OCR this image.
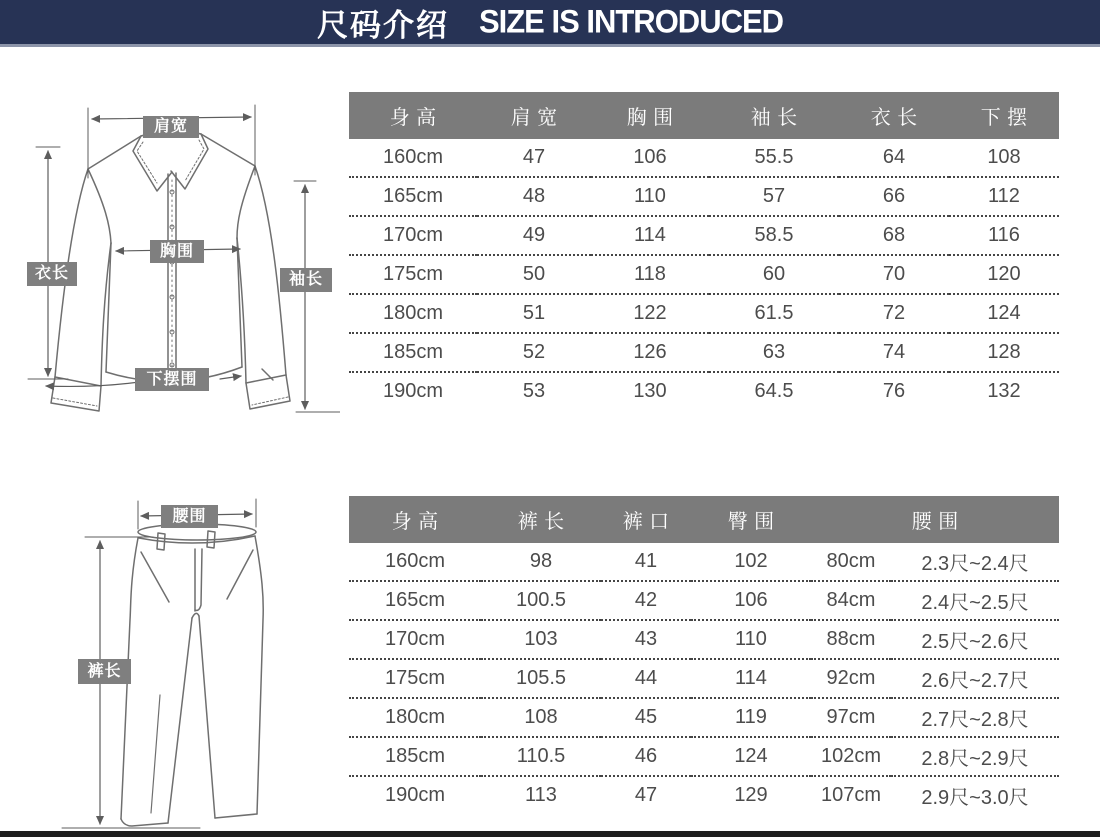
尺码介绍 SIZE IS INTRODUCED
肩宽
衣长
胸围
袖长
下摆围
身高	肩宽	胸围	袖长	衣长	下摆
160cm	47	106	55.5	64	108
165cm	48	110	57	66	112
170cm	49	114	58.5	68	116
175cm	50	118	60	70	120
180cm	51	122	61.5	72	124
185cm	52	126	63	74	128
190cm	53	130	64.5	76	132
腰围
裤长
身高	裤长	裤口	臀围	腰围	
160cm	98	41	102	80cm	2.3尺~2.4尺
165cm	100.5	42	106	84cm	2.4尺~2.5尺
170cm	103	43	110	88cm	2.5尺~2.6尺
175cm	105.5	44	114	92cm	2.6尺~2.7尺
180cm	108	45	119	97cm	2.7尺~2.8尺
185cm	110.5	46	124	102cm	2.8尺~2.9尺
190cm	113	47	129	107cm	2.9尺~3.0尺
